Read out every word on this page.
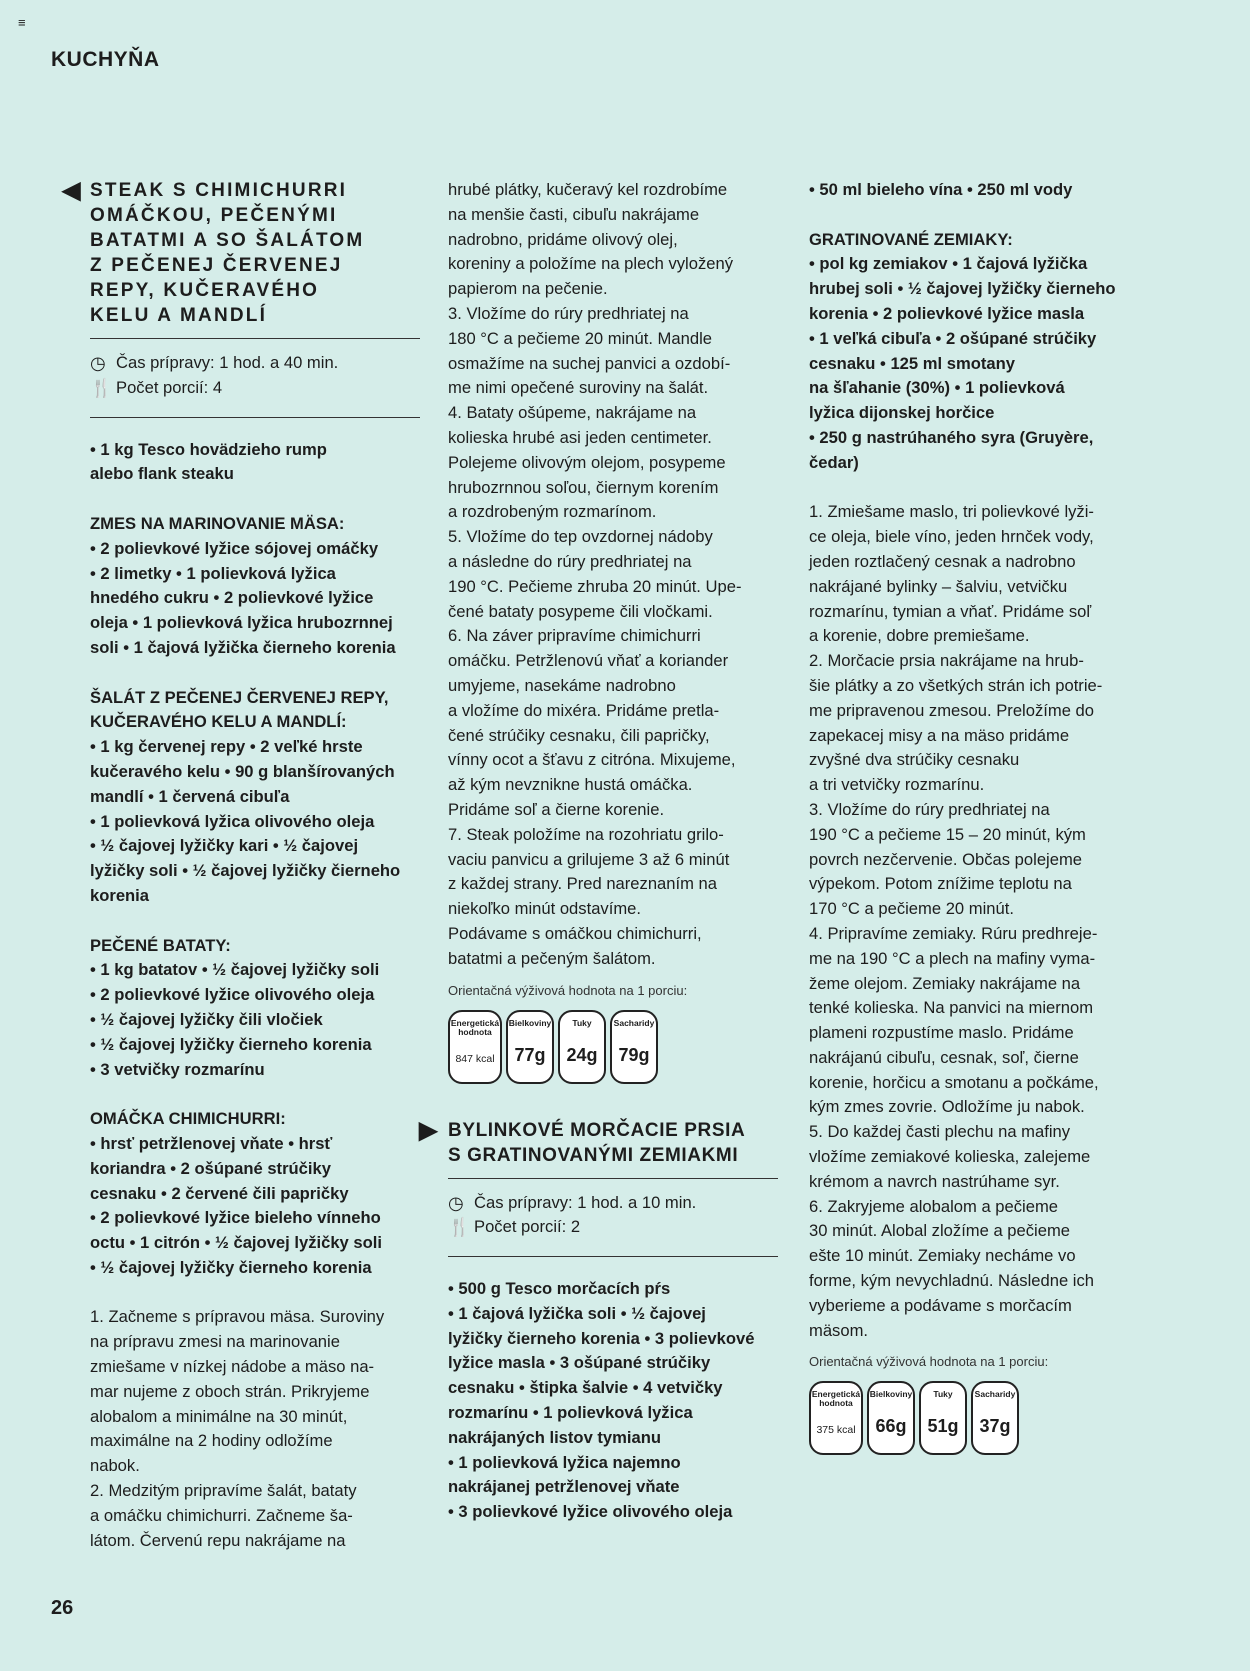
≡
KUCHYŇA
26
◀ STEAK S CHIMICHURRI
OMÁČKOU, PEČENÝMI
BATATMI A SO ŠALÁTOM
Z PEČENEJ ČERVENEJ
REPY, KUČERAVÉHO
KELU A MANDLÍ
◷ Čas prípravy: 1 hod. a 40 min.
🍴 Počet porcií: 4
• 1 kg Tesco hovädzieho rump
alebo flank steaku
ZMES NA MARINOVANIE MÄSA:
• 2 polievkové lyžice sójovej omáčky
• 2 limetky • 1 polievková lyžica
hnedého cukru • 2 polievkové lyžice
oleja • 1 polievková lyžica hrubozrnnej
soli • 1 čajová lyžička čierneho korenia
ŠALÁT Z PEČENEJ ČERVENEJ REPY,
KUČERAVÉHO KELU A MANDLÍ:
• 1 kg červenej repy • 2 veľké hrste
kučeravého kelu • 90 g blanšírovaných
mandlí • 1 červená cibuľa
• 1 polievková lyžica olivového oleja
• ½ čajovej lyžičky kari • ½ čajovej
lyžičky soli • ½ čajovej lyžičky čierneho
korenia
PEČENÉ BATATY:
• 1 kg batatov • ½ čajovej lyžičky soli
• 2 polievkové lyžice olivového oleja
• ½ čajovej lyžičky čili vločiek
• ½ čajovej lyžičky čierneho korenia
• 3 vetvičky rozmarínu
OMÁČKA CHIMICHURRI:
• hrsť petržlenovej vňate • hrsť
koriandra • 2 ošúpané strúčiky
cesnaku • 2 červené čili papričky
• 2 polievkové lyžice bieleho vínneho
octu • 1 citrón • ½ čajovej lyžičky soli
• ½ čajovej lyžičky čierneho korenia
1. Začneme s prípravou mäsa. Suroviny
na prípravu zmesi na marinovanie
zmiešame v nízkej nádobe a mäso na-
mar nujeme z oboch strán. Prikryjeme
alobalom a minimálne na 30 minút,
maximálne na 2 hodiny odložíme
nabok.
2. Medzitým pripravíme šalát, bataty
a omáčku chimichurri. Začneme ša-
látom. Červenú repu nakrájame na
hrubé plátky, kučeravý kel rozdrobíme
na menšie časti, cibuľu nakrájame
nadrobno, pridáme olivový olej,
koreniny a položíme na plech vyložený
papierom na pečenie.
3. Vložíme do rúry predhriatej na
180 °C a pečieme 20 minút. Mandle
osmažíme na suchej panvici a ozdobí-
me nimi opečené suroviny na šalát.
4. Bataty ošúpeme, nakrájame na
kolieska hrubé asi jeden centimeter.
Polejeme olivovým olejom, posypeme
hrubozrnnou soľou, čiernym korením
a rozdrobeným rozmarínom.
5. Vložíme do tep ovzdornej nádoby
a následne do rúry predhriatej na
190 °C. Pečieme zhruba 20 minút. Upe-
čené bataty posypeme čili vločkami.
6. Na záver pripravíme chimichurri
omáčku. Petržlenovú vňať a koriander
umyjeme, nasekáme nadrobno
a vložíme do mixéra. Pridáme pretla-
čené strúčiky cesnaku, čili papričky,
vínny ocot a šťavu z citróna. Mixujeme,
až kým nevznikne hustá omáčka.
Pridáme soľ a čierne korenie.
7. Steak položíme na rozohriatu grilo-
vaciu panvicu a grilujeme 3 až 6 minút
z každej strany. Pred nareznaním na
niekoľko minút odstavíme.
Podávame s omáčkou chimichurri,
batatmi a pečeným šalátom.
Orientačná výživová hodnota na 1 porciu:
Energetická hodnota
847 kcal
Bielkoviny
77g
Tuky
24g
Sacharidy
79g
▶ BYLINKOVÉ MORČACIE PRSIA
S GRATINOVANÝMI ZEMIAKMI
◷ Čas prípravy: 1 hod. a 10 min.
🍴 Počet porcií: 2
• 500 g Tesco morčacích pŕs
• 1 čajová lyžička soli • ½ čajovej
lyžičky čierneho korenia • 3 polievkové
lyžice masla • 3 ošúpané strúčiky
cesnaku • štipka šalvie • 4 vetvičky
rozmarínu • 1 polievková lyžica
nakrájaných listov tymianu
• 1 polievková lyžica najemno
nakrájanej petržlenovej vňate
• 3 polievkové lyžice olivového oleja
• 50 ml bieleho vína • 250 ml vody
GRATINOVANÉ ZEMIAKY:
• pol kg zemiakov • 1 čajová lyžička
hrubej soli • ½ čajovej lyžičky čierneho
korenia • 2 polievkové lyžice masla
• 1 veľká cibuľa • 2 ošúpané strúčiky
cesnaku • 125 ml smotany
na šľahanie (30%) • 1 polievková
lyžica dijonskej horčice
• 250 g nastrúhaného syra (Gruyère,
čedar)
1. Zmiešame maslo, tri polievkové lyži-
ce oleja, biele víno, jeden hrnček vody,
jeden roztlačený cesnak a nadrobno
nakrájané bylinky – šalviu, vetvičku
rozmarínu, tymian a vňať. Pridáme soľ
a korenie, dobre premiešame.
2. Morčacie prsia nakrájame na hrub-
šie plátky a zo všetkých strán ich potrie-
me pripravenou zmesou. Preložíme do
zapekacej misy a na mäso pridáme
zvyšné dva strúčiky cesnaku
a tri vetvičky rozmarínu.
3. Vložíme do rúry predhriatej na
190 °C a pečieme 15 – 20 minút, kým
povrch nezčervenie. Občas polejeme
výpekom. Potom znížime teplotu na
170 °C a pečieme 20 minút.
4. Pripravíme zemiaky. Rúru predhreje-
me na 190 °C a plech na mafiny vymа-
žeme olejom. Zemiaky nakrájame na
tenké kolieska. Na panvici na miernom
plameni rozpustíme maslo. Pridáme
nakrájanú cibuľu, cesnak, soľ, čierne
korenie, horčicu a smotanu a počkáme,
kým zmes zovrie. Odložíme ju nabok.
5. Do každej časti plechu na mafiny
vložíme zemiakové kolieska, zalejeme
krémom a navrch nastrúhame syr.
6. Zakryjeme alobalom a pečieme
30 minút. Alobal zložíme a pečieme
ešte 10 minút. Zemiaky necháme vo
forme, kým nevychladnú. Následne ich
vyberieme a podávame s morčacím
mäsom.
Orientačná výživová hodnota na 1 porciu:
Energetická hodnota
375 kcal
Bielkoviny
66g
Tuky
51g
Sacharidy
37g
